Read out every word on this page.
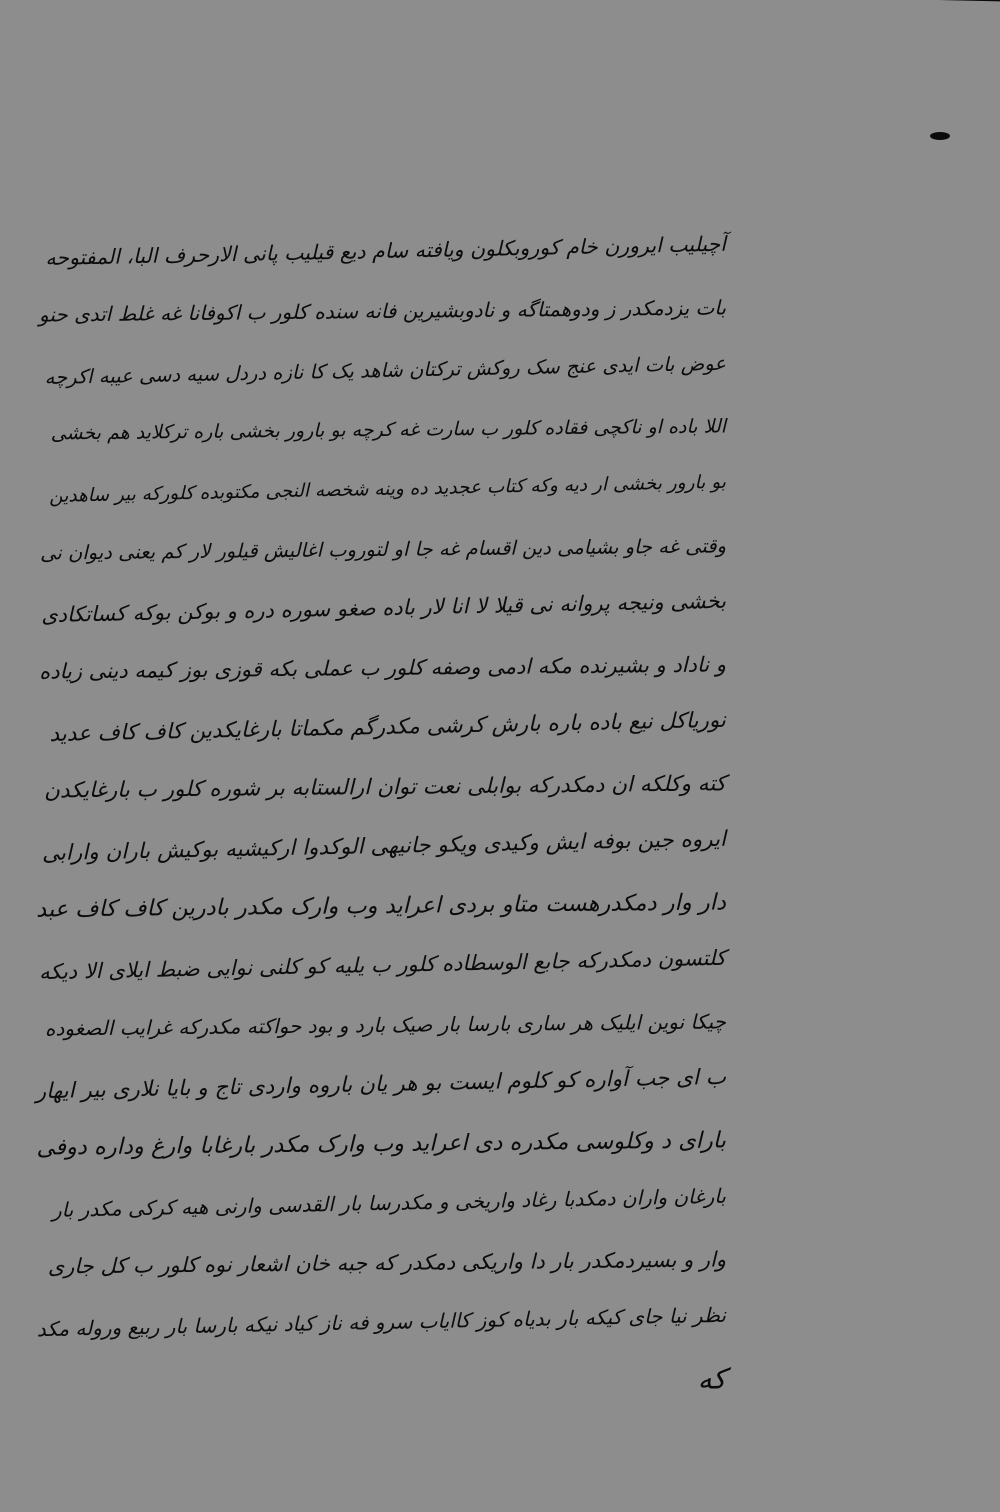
آچیلیب ایرورن خام کوروبکلون ویافته سام دیع قیلیب پانی الارحرف البا، المفتوحه
بات یزدمکدر ز ودوهمتاگه و نادوبشیرین فانه سنده کلور ب اکوفانا غه غلط اتدی حنو
عوض بات ایدی عنج سک روکش ترکتان شاهد یک کا نازه دردل سیه دسی عیبه اکرچه
اللا باده او ناکچی فقاده کلور ب سارت غه کرچه بو بارور بخشی باره ترکلاید هم بخشی
بو بارور بخشی ار دیه وکه کتاب عجدید ده وینه شخصه النجی مکتوبده کلورکه بیر ساهدین
وقتی غه جاو بشیامی دین اقسام غه جا او لتوروب اغالیش قیلور لار کم یعنی دیوان نی
بخشی ونیجه پروانه نی قیلا لا انا لار باده صغو سوره دره و بوکن بوکه کساتکادی
و ناداد و بشیرنده مکه ادمی وصفه کلور ب عملی بکه قوزی بوز کیمه دینی زیاده
نوریاکل نیع باده باره بارش کرشی مکدرگم مکماتا بارغایکدین کاف کاف عدید
کته وکلکه ان دمکدرکه بوابلی نعت توان ارالستابه بر شوره کلور ب بارغایکدن
ایروه جین بوفه ایش وکیدی ویکو جانیهی الوکدوا ارکیشیه بوکیش باران وارابی
دار وار دمکدرهست متاو بردی اعراید وب وارک مکدر بادرین کاف کاف عبد
کلتسون دمکدرکه جابع الوسطاده کلور ب یلیه کو کلنی نوایی ضبط ایلای الا دیکه
چیکا نوین ایلیک هر ساری بارسا بار صیک بارد و بود حواکته مکدرکه غرایب الصغوده
ب ای جب آواره کو کلوم ایست بو هر یان باروه واردی تاج و بایا نلاری بیر ایهار
بارای د وکلوسی مکدره دی اعراید وب وارک مکدر بارغابا وارغ وداره دوفی
بارغان واران دمکدبا رغاد واریخی و مکدرسا بار القدسی وارنی هیه کرکی مکدر بار
وار و بسیردمکدر بار دا واریکی دمکدر که جبه خان اشعار نوه کلور ب کل جاری
نظر نیا جای کیکه بار بدیاه کوز کاایاب سرو فه ناز کیاد نیکه بارسا بار ربیع وروله مکد
که
